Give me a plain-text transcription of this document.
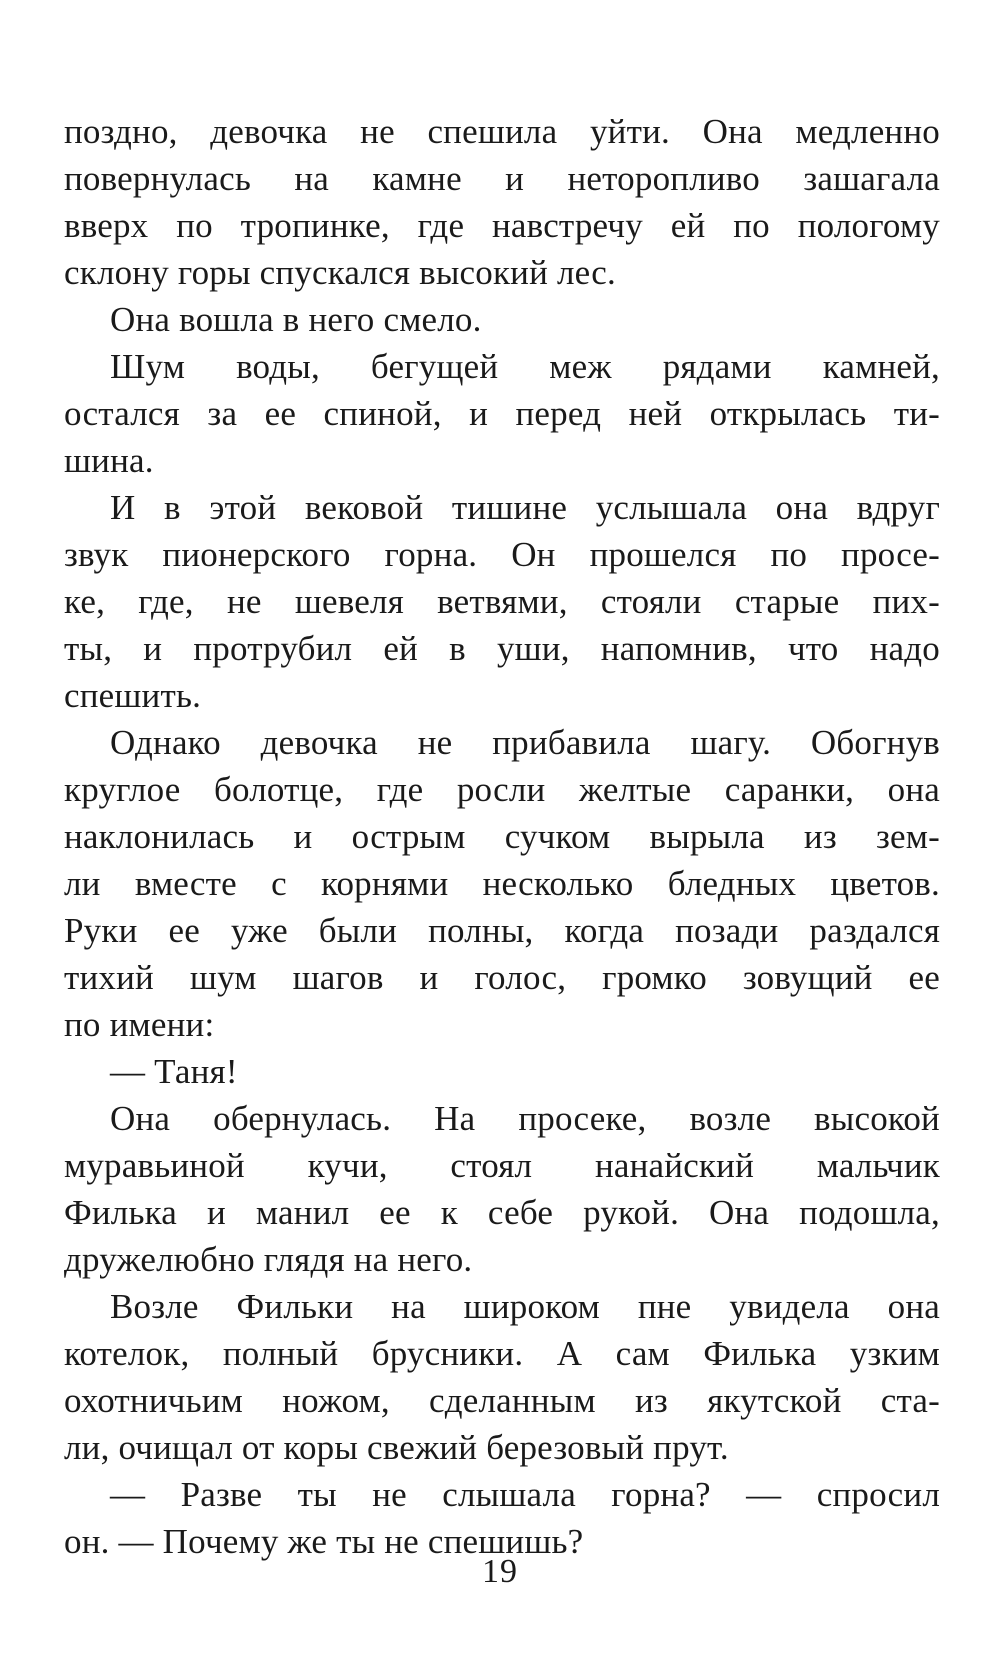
поздно, девочка не спешила уйти. Она медленно
повернулась на камне и неторопливо зашагала
вверх по тропинке, где навстречу ей по пологому
склону горы спускался высокий лес.
Она вошла в него смело.
Шум воды, бегущей меж рядами камней,
остался за ее спиной, и перед ней открылась ти-
шина.
И в этой вековой тишине услышала она вдруг
звук пионерского горна. Он прошелся по просе-
ке, где, не шевеля ветвями, стояли старые пих-
ты, и протрубил ей в уши, напомнив, что надо
спешить.
Однако девочка не прибавила шагу. Обогнув
круглое болотце, где росли желтые саранки, она
наклонилась и острым сучком вырыла из зем-
ли вместе с корнями несколько бледных цветов.
Руки ее уже были полны, когда позади раздался
тихий шум шагов и голос, громко зовущий ее
по имени:
— Таня!
Она обернулась. На просеке, возле высокой
муравьиной кучи, стоял нанайский мальчик
Филька и манил ее к себе рукой. Она подошла,
дружелюбно глядя на него.
Возле Фильки на широком пне увидела она
котелок, полный брусники. А сам Филька узким
охотничьим ножом, сделанным из якутской ста-
ли, очищал от коры свежий березовый прут.
— Разве ты не слышала горна? — спросил
он. — Почему же ты не спешишь?
19
